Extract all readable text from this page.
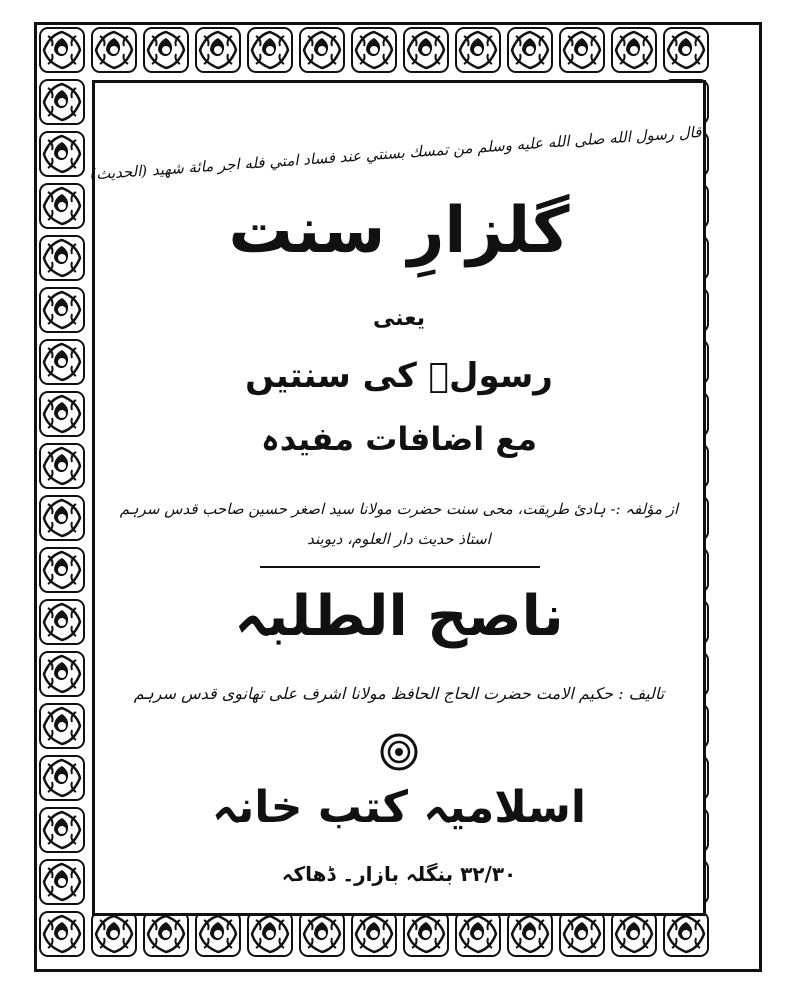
قال رسول الله صلى الله عليه وسلم من تمسك بسنتي عند فساد امتي فله اجر مائة شهيد (الحديث)
گلزارِ سنت
یعنی
رسولؐ کی سنتیں
مع اضافات مفیدہ
از مؤلفہ :- ہادئ طریقت، محی سنت حضرت مولانا سید اصغر حسین صاحب قدس سرہم
استاذ حدیث دار العلوم، دیوبند
ناصح الطلبہ
تالیف : حکیم الامت حضرت الحاج الحافظ مولانا اشرف علی تھانوی قدس سرہم
اسلامیہ کتب خانہ
۳۲/۳۰ بنگلہ بازار۔ ڈھاکہ
